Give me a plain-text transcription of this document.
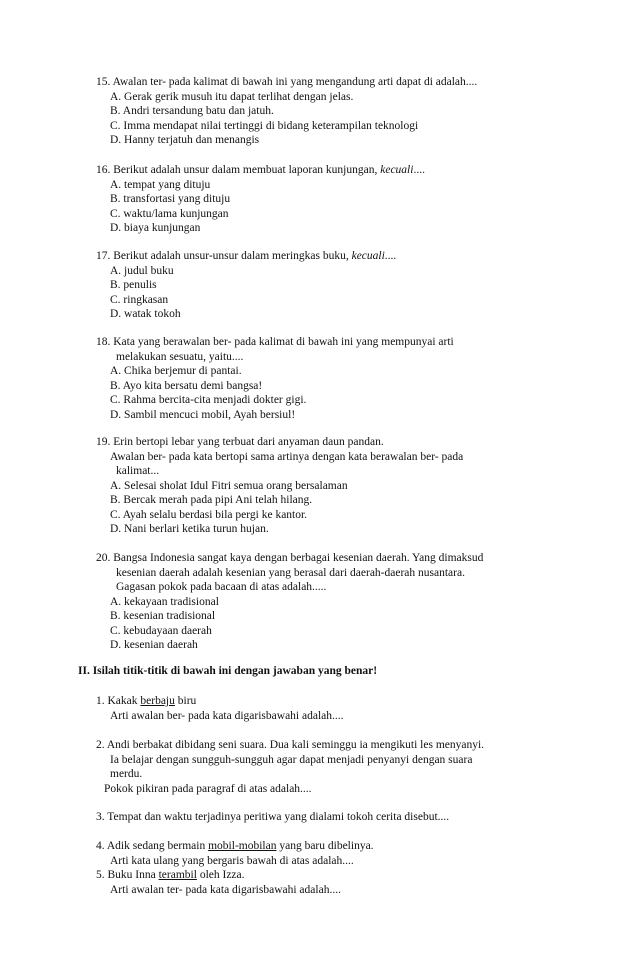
15. Awalan ter- pada kalimat di bawah ini yang mengandung arti dapat di adalah....
A. Gerak gerik musuh itu dapat terlihat dengan jelas.
B. Andri tersandung batu dan jatuh.
C. Imma mendapat nilai tertinggi di bidang keterampilan teknologi
D. Hanny terjatuh dan menangis
16. Berikut adalah unsur dalam membuat laporan kunjungan, kecuali....
A. tempat yang dituju
B. transfortasi yang dituju
C. waktu/lama kunjungan
D. biaya kunjungan
17. Berikut adalah unsur-unsur dalam meringkas buku, kecuali....
A. judul buku
B. penulis
C. ringkasan
D. watak tokoh
18. Kata yang berawalan ber- pada kalimat di bawah ini yang mempunyai arti
melakukan sesuatu, yaitu....
A. Chika berjemur di pantai.
B. Ayo kita bersatu demi bangsa!
C. Rahma bercita-cita menjadi dokter gigi.
D. Sambil mencuci mobil, Ayah bersiul!
19. Erin bertopi lebar yang terbuat dari anyaman daun pandan.
Awalan ber- pada kata bertopi sama artinya dengan kata berawalan ber- pada
kalimat...
A. Selesai sholat Idul Fitri semua orang bersalaman
B. Bercak merah pada pipi Ani telah hilang.
C. Ayah selalu berdasi bila pergi ke kantor.
D. Nani berlari ketika turun hujan.
20. Bangsa Indonesia sangat kaya dengan berbagai kesenian daerah. Yang dimaksud
kesenian daerah adalah kesenian yang berasal dari daerah-daerah nusantara.
Gagasan pokok pada bacaan di atas adalah.....
A. kekayaan tradisional
B. kesenian tradisional
C. kebudayaan daerah
D. kesenian daerah
II. Isilah titik-titik di bawah ini dengan jawaban yang benar!
1. Kakak berbaju biru
Arti awalan ber- pada kata digarisbawahi adalah....
2. Andi berbakat dibidang seni suara. Dua kali seminggu ia mengikuti les menyanyi.
Ia belajar dengan sungguh-sungguh agar dapat menjadi penyanyi dengan suara
merdu.
Pokok pikiran pada paragraf di atas adalah....
3. Tempat dan waktu terjadinya peritiwa yang dialami tokoh cerita disebut....
4. Adik sedang bermain mobil-mobilan yang baru dibelinya.
Arti kata ulang yang bergaris bawah di atas adalah....
5. Buku Inna terambil oleh Izza.
Arti awalan ter- pada kata digarisbawahi adalah....
